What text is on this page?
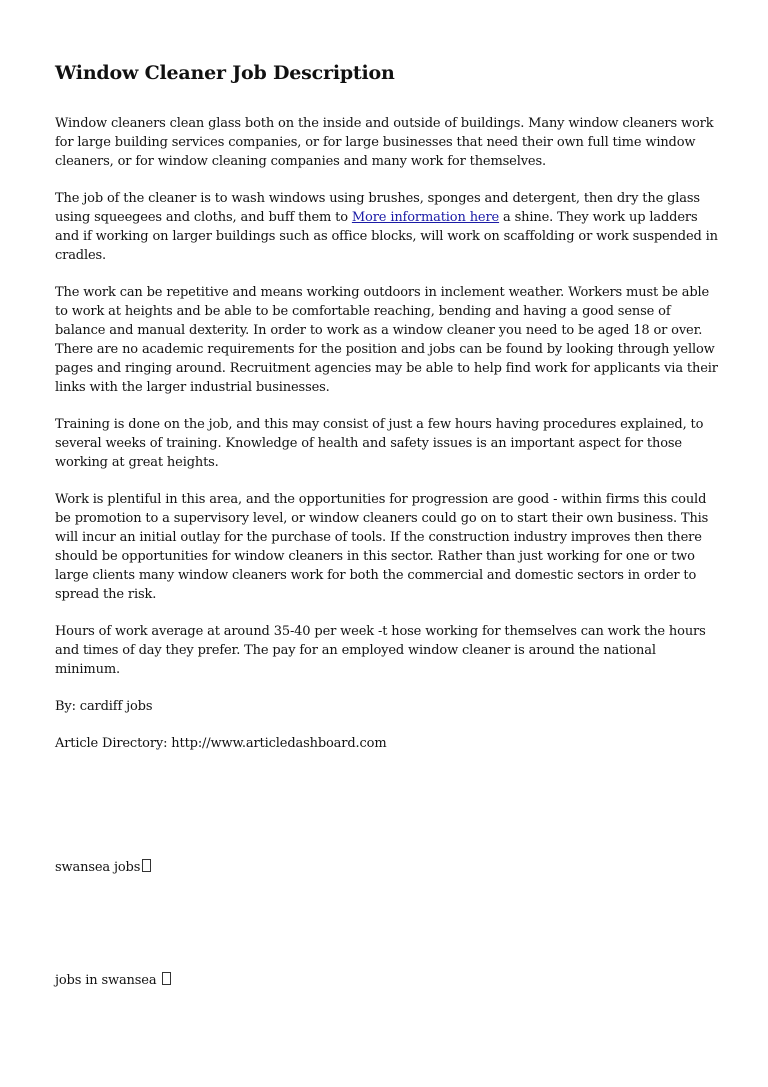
Window Cleaner Job Description

Window cleaners clean glass both on the inside and outside of buildings. Many window cleaners work for large building services companies, or for large businesses that need their own full time window cleaners, or for window cleaning companies and many work for themselves.

The job of the cleaner is to wash windows using brushes, sponges and detergent, then dry the glass using squeegees and cloths, and buff them to More information here a shine. They work up ladders and if working on larger buildings such as office blocks, will work on scaffolding or work suspended in cradles.

The work can be repetitive and means working outdoors in inclement weather. Workers must be able to work at heights and be able to be comfortable reaching, bending and having a good sense of balance and manual dexterity. In order to work as a window cleaner you need to be aged 18 or over. There are no academic requirements for the position and jobs can be found by looking through yellow pages and ringing around. Recruitment agencies may be able to help find work for applicants via their links with the larger industrial businesses.

Training is done on the job, and this may consist of just a few hours having procedures explained, to several weeks of training. Knowledge of health and safety issues is an important aspect for those working at great heights.

Work is plentiful in this area, and the opportunities for progression are good - within firms this could be promotion to a supervisory level, or window cleaners could go on to start their own business. This will incur an initial outlay for the purchase of tools. If the construction industry improves then there should be opportunities for window cleaners in this sector. Rather than just working for one or two large clients many window cleaners work for both the commercial and domestic sectors in order to spread the risk.

Hours of work average at around 35-40 per week -t hose working for themselves can work the hours and times of day they prefer. The pay for an employed window cleaner is around the national minimum.

By: cardiff jobs

Article Directory: http://www.articledashboard.com

swansea jobs
jobs in swansea
